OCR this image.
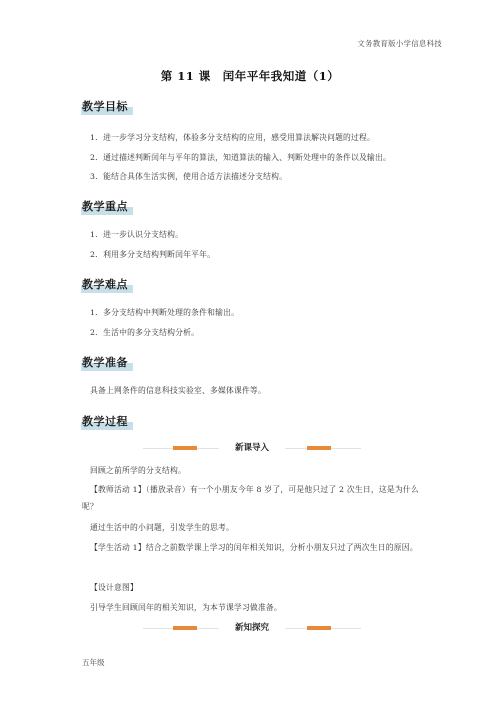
文务教育版小学信息科技
第 11 课　闰年平年我知道（1）
教学目标
1．进一步学习分支结构，体验多分支结构的应用，感受用算法解决问题的过程。
2．通过描述判断闰年与平年的算法，知道算法的输入、判断处理中的条件以及输出。
3．能结合具体生活实例，使用合适方法描述分支结构。
教学重点
1．进一步认识分支结构。
2．利用多分支结构判断闰年平年。
教学难点
1．多分支结构中判断处理的条件和输出。
2．生活中的多分支结构分析。
教学准备
具备上网条件的信息科技实验室、多媒体课件等。
教学过程
新课导入
回顾之前所学的分支结构。
【教师活动 1】（播放录音）有一个小朋友今年 8 岁了，可是他只过了 2 次生日，这是为什么呢？
通过生活中的小问题，引发学生的思考。
【学生活动 1】结合之前数学课上学习的闰年相关知识，分析小朋友只过了两次生日的原因。
【设计意图】
引导学生回顾闰年的相关知识，为本节课学习做准备。
新知探究
五年级
